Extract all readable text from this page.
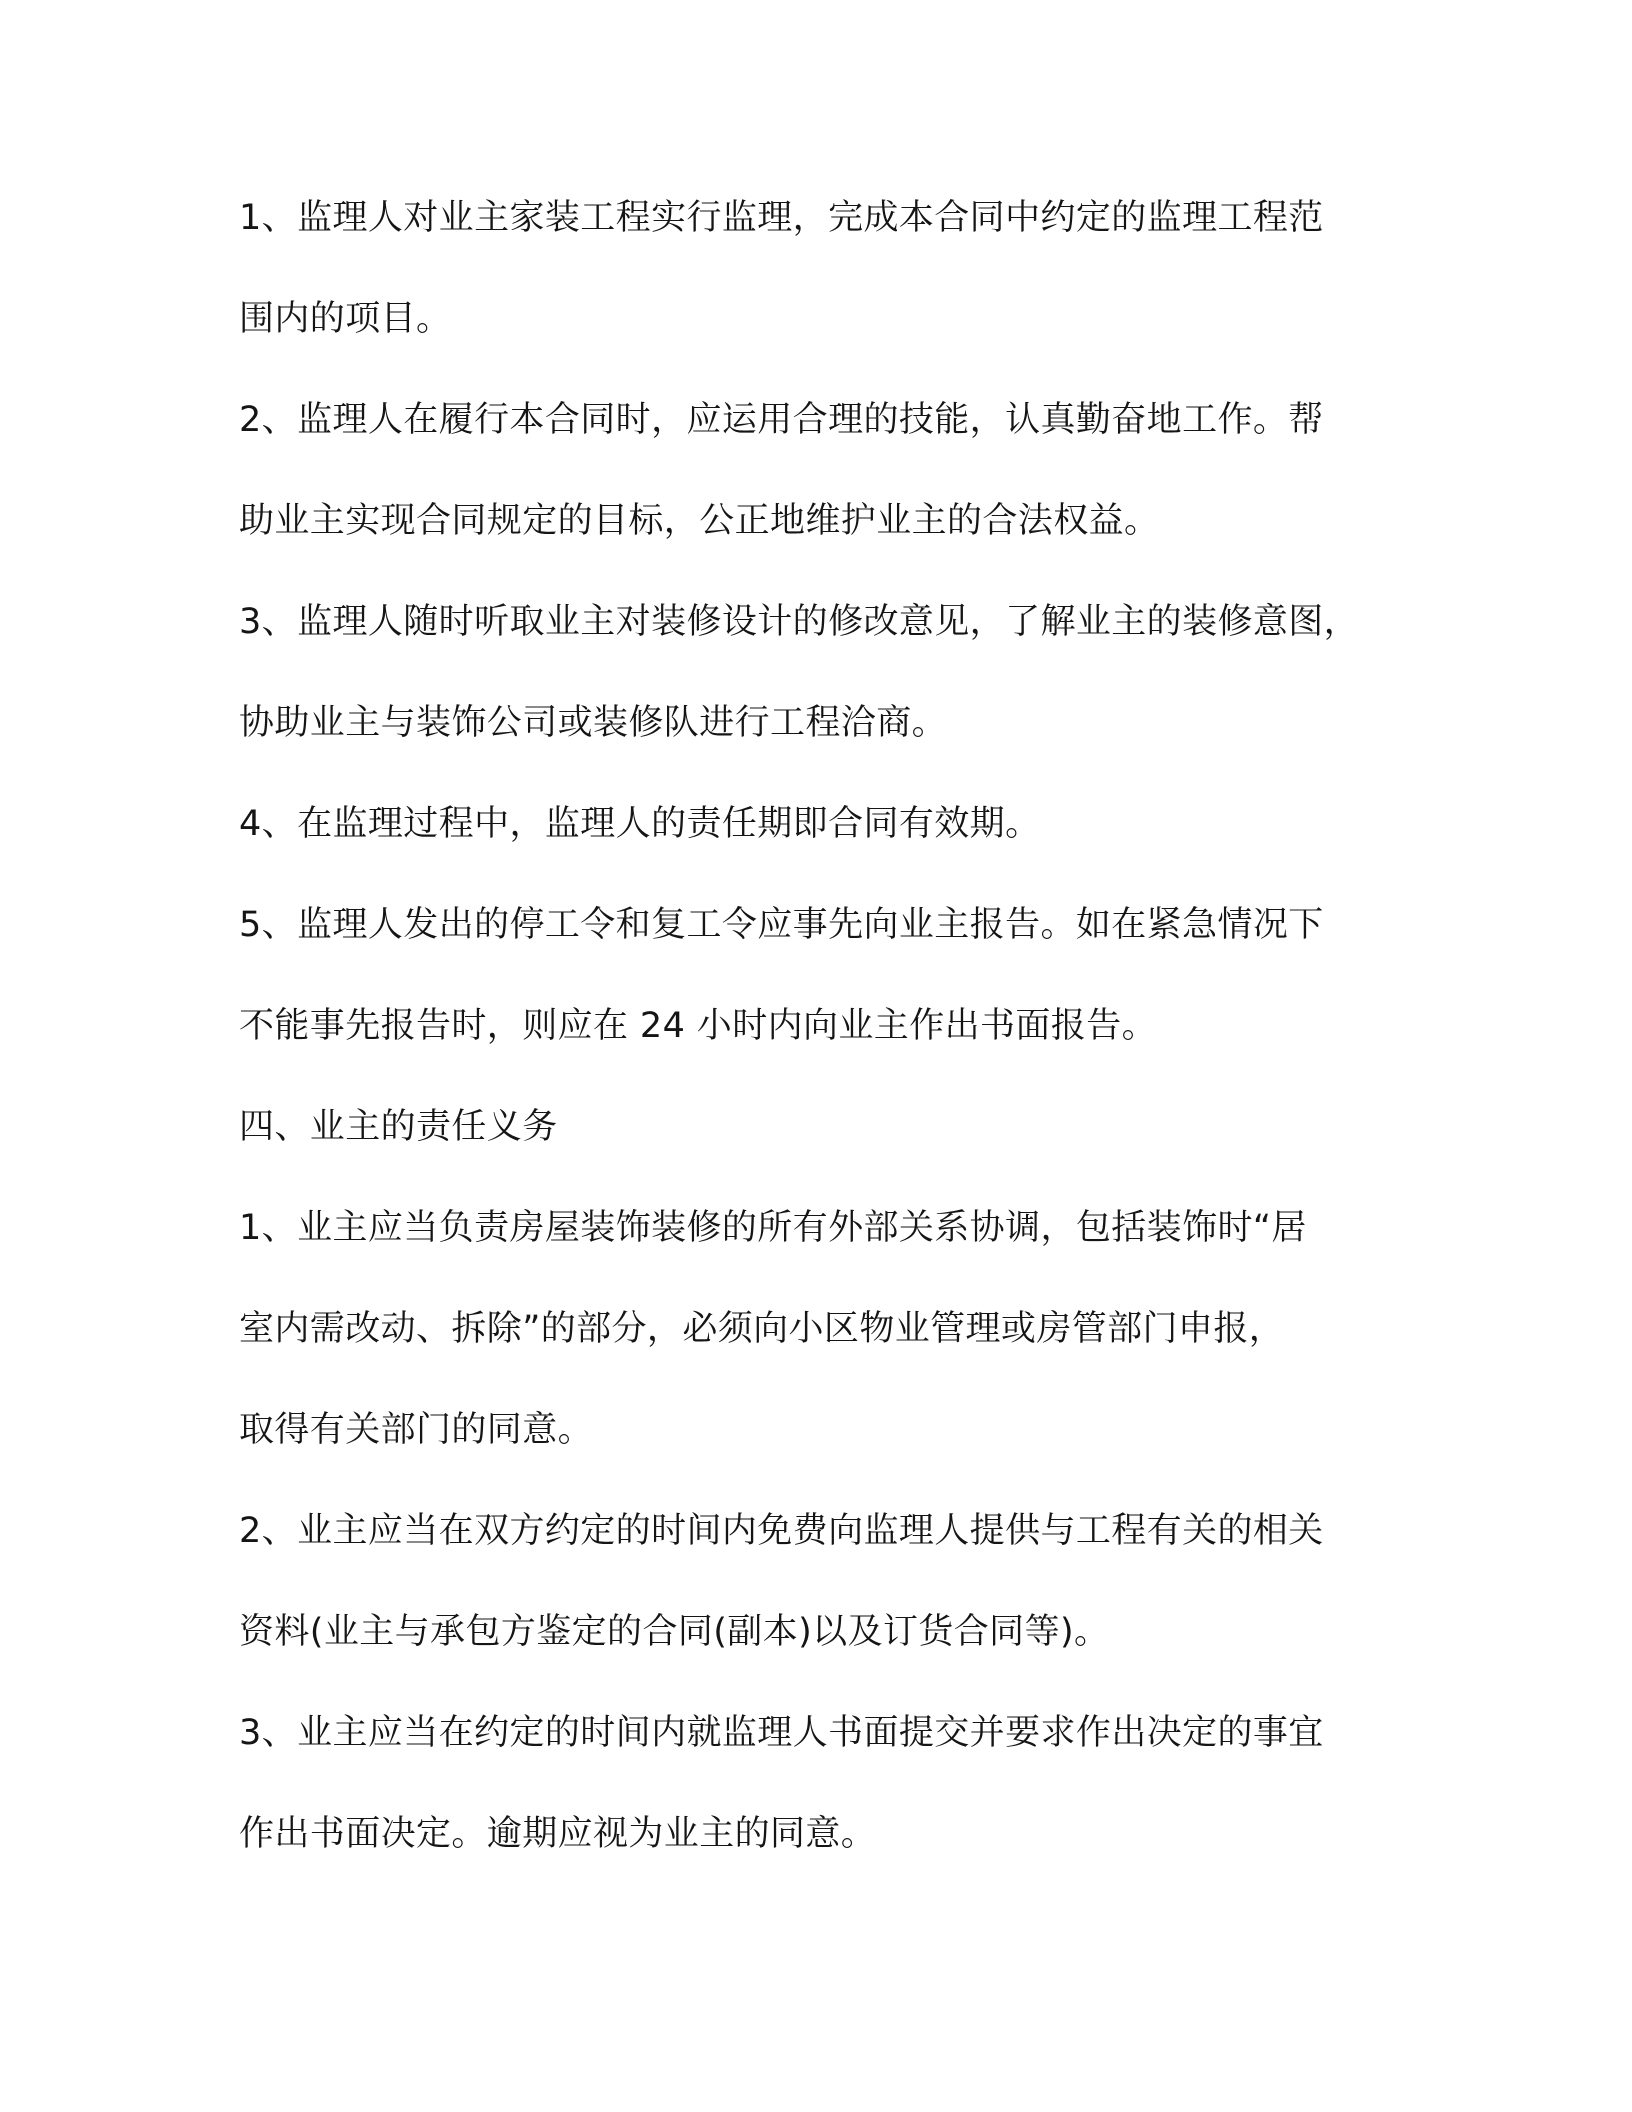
1、监理人对业主家装工程实行监理，完成本合同中约定的监理工程范
围内的项目。
2、监理人在履行本合同时，应运用合理的技能，认真勤奋地工作。帮
助业主实现合同规定的目标，公正地维护业主的合法权益。
3、监理人随时听取业主对装修设计的修改意见，了解业主的装修意图，
协助业主与装饰公司或装修队进行工程洽商。
4、在监理过程中，监理人的责任期即合同有效期。
5、监理人发出的停工令和复工令应事先向业主报告。如在紧急情况下
不能事先报告时，则应在 24 小时内向业主作出书面报告。
四、业主的责任义务
1、业主应当负责房屋装饰装修的所有外部关系协调，包括装饰时“居
室内需改动、拆除”的部分，必须向小区物业管理或房管部门申报，
取得有关部门的同意。
2、业主应当在双方约定的时间内免费向监理人提供与工程有关的相关
资料(业主与承包方鉴定的合同(副本)以及订货合同等)。
3、业主应当在约定的时间内就监理人书面提交并要求作出决定的事宜
作出书面决定。逾期应视为业主的同意。
